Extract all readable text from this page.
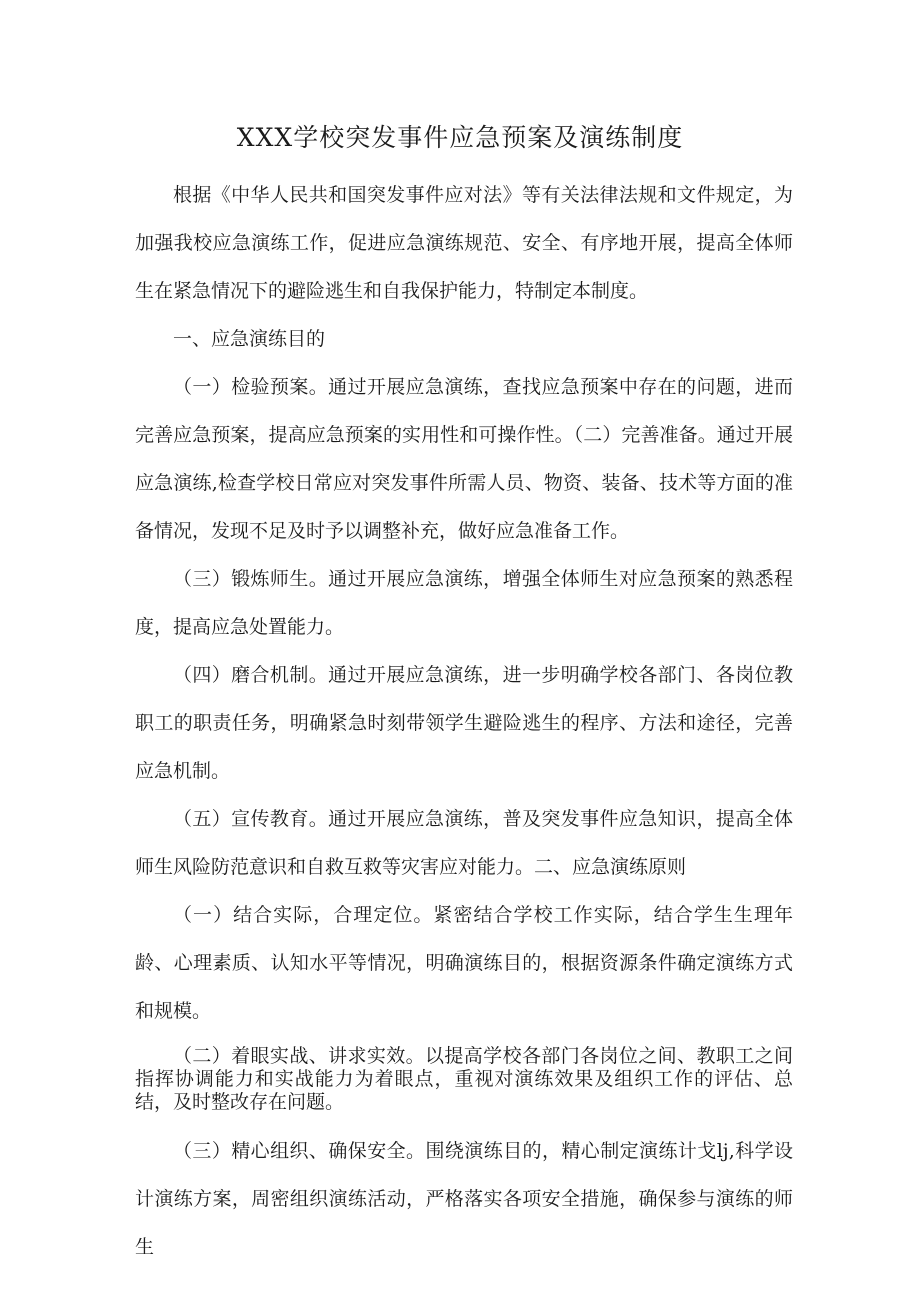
XXX学校突发事件应急预案及演练制度

根据《中华人民共和国突发事件应对法》等有关法律法规和文件规定，为加强我校应急演练工作，促进应急演练规范、安全、有序地开展，提高全体师生在紧急情况下的避险逃生和自我保护能力，特制定本制度。

一、应急演练目的

（一）检验预案。通过开展应急演练，查找应急预案中存在的问题，进而完善应急预案，提高应急预案的实用性和可操作性。（二）完善准备。通过开展应急演练,检查学校日常应对突发事件所需人员、物资、装备、技术等方面的准备情况，发现不足及时予以调整补充，做好应急准备工作。

（三）锻炼师生。通过开展应急演练，增强全体师生对应急预案的熟悉程度，提高应急处置能力。

（四）磨合机制。通过开展应急演练，进一步明确学校各部门、各岗位教职工的职责任务，明确紧急时刻带领学生避险逃生的程序、方法和途径，完善应急机制。

（五）宣传教育。通过开展应急演练，普及突发事件应急知识，提高全体师生风险防范意识和自救互救等灾害应对能力。二、应急演练原则

（一）结合实际，合理定位。紧密结合学校工作实际，结合学生生理年龄、心理素质、认知水平等情况，明确演练目的，根据资源条件确定演练方式和规模。

（二）着眼实战、讲求实效。以提高学校各部门各岗位之间、教职工之间指挥协调能力和实战能力为着眼点，重视对演练效果及组织工作的评估、总结，及时整改存在问题。

（三）精心组织、确保安全。围绕演练目的，精心制定演练计戈lj,科学设计演练方案，周密组织演练活动，严格落实各项安全措施，确保参与演练的师生
